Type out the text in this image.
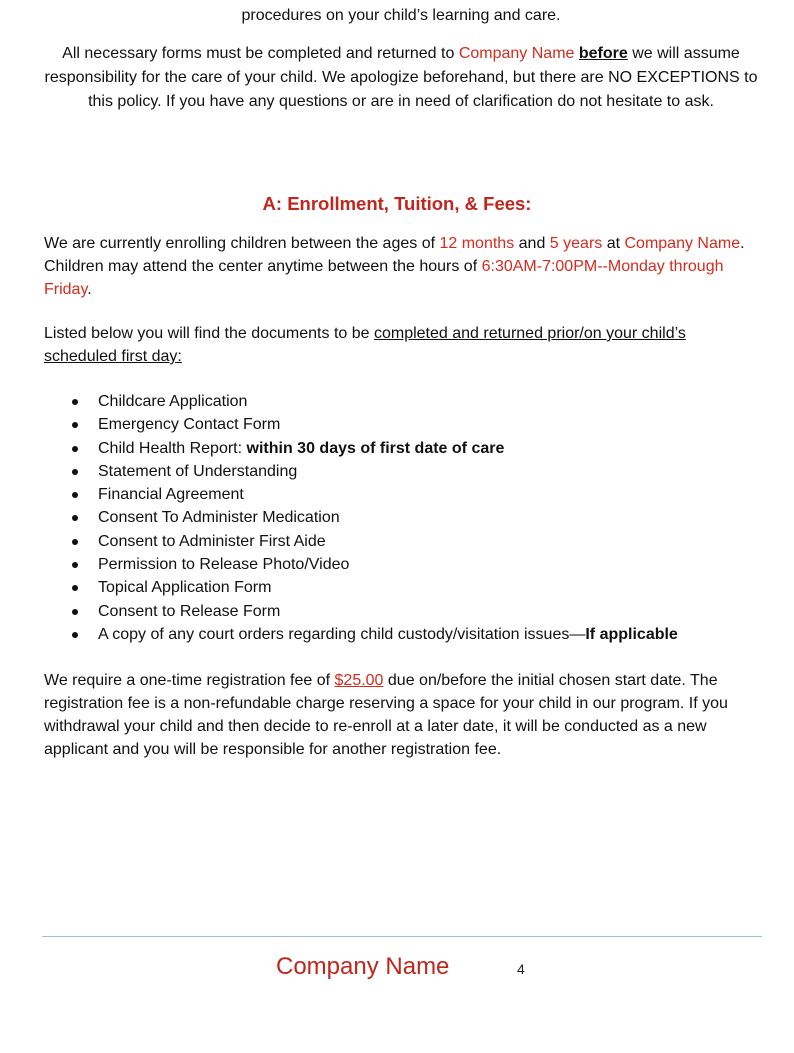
procedures on your child’s learning and care.
All necessary forms must be completed and returned to Company Name before we will assume responsibility for the care of your child. We apologize beforehand, but there are NO EXCEPTIONS to this policy. If you have any questions or are in need of clarification do not hesitate to ask.
A: Enrollment, Tuition, & Fees:
We are currently enrolling children between the ages of 12 months and 5 years at Company Name. Children may attend the center anytime between the hours of 6:30AM-7:00PM--Monday through Friday.
Listed below you will find the documents to be completed and returned prior/on your child’s scheduled first day:
Childcare Application
Emergency Contact Form
Child Health Report: within 30 days of first date of care
Statement of Understanding
Financial Agreement
Consent To Administer Medication
Consent to Administer First Aide
Permission to Release Photo/Video
Topical Application Form
Consent to Release Form
A copy of any court orders regarding child custody/visitation issues—If applicable
We require a one-time registration fee of $25.00 due on/before the initial chosen start date. The registration fee is a non-refundable charge reserving a space for your child in our program. If you withdrawal your child and then decide to re-enroll at a later date, it will be conducted as a new applicant and you will be responsible for another registration fee.
Company Name	4
